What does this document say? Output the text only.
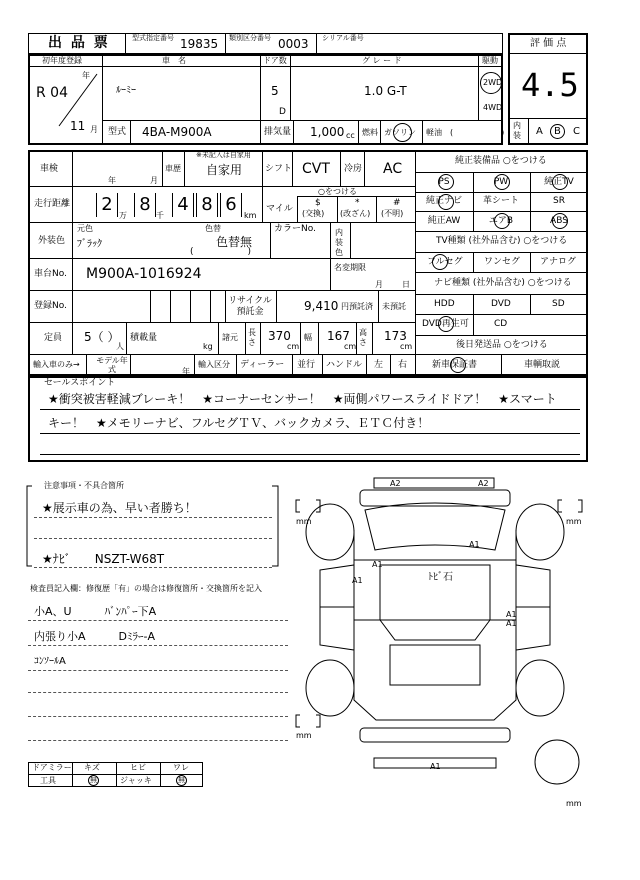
出 品 票	型式指定番号 19835 類別区分番号 0003 シリアル番号	評 価 点
4.5
初年度登録
R 04
年
11 月
車　名
ﾙｰﾐｰ
ドア数
5
D
グ レ ー ド
1.0 G-T
駆動
2WD
4WD
型式 4BA-M900A	排気量 1,000 cc 燃料 ガソリン 軽油 (　　　　　　)
内
装 A B C
車検
年	月
車歴
※未記入は自家用
自家用	シフト CVT 冷房 AC
走行距離 2 8 4 8 6
万	千	km
マイル
○をつける
$
(交換)
*
(改ざん)
#
(不明)
外装色
元色
ﾌﾞﾗｯｸ
色替
色替無
(　　　　　　)
カラーNo. 内装色
車台No. M900A-1016924	名変期限
月 日
登録No.	リサイクル預託金	9,410 円預託済 未預託
定員 5（ ）
人
積載量
kg
諸元
長さ 370
cm
幅 167
cm
高さ 173
cm
輸入車のみ→ モデル年式	年
輸入区分 ディーラー 並行 ハンドル 左 右
純正装備品 ○をつける
PS	PW	純正TV
純正ナビ 革シート	SR
純正AW	エアB	ABS
TV種類 (社外品含む) ○をつける
フルセグ ワンセグ アナログ
ナビ種類 (社外品含む) ○をつける
HDD	DVD	SD
DVD再生可	CD
後日発送品 ○をつける
新車保証書	車輌取説
セールスポイント
★衝突被害軽減ブレーキ！　★コーナーセンサー！　★両側パワースライドドア！　★スマート
キー！　★メモリーナビ、フルセグＴＶ、バックカメラ、ＥＴＣ付き！
注意事項・不具合箇所
★展示車の為、早い者勝ち！
★ﾅﾋﾞ　　NSZT-W68T
検査員記入欄：修復歴「有」の場合は修復箇所・交換箇所を記入
小A、U　　　ﾊﾞﾝﾊﾟｰ下A
内張り小A　　　Dﾐﾗｰ-A
ｺﾝｿｰﾙA
ドアミラー キズ	ヒビ	ワレ
工具	無	ジャッキ	無
A2	A2
A1
A1
A1	ﾄﾋﾞ石
A1
A1
A1
mm	mm
mm
mm
